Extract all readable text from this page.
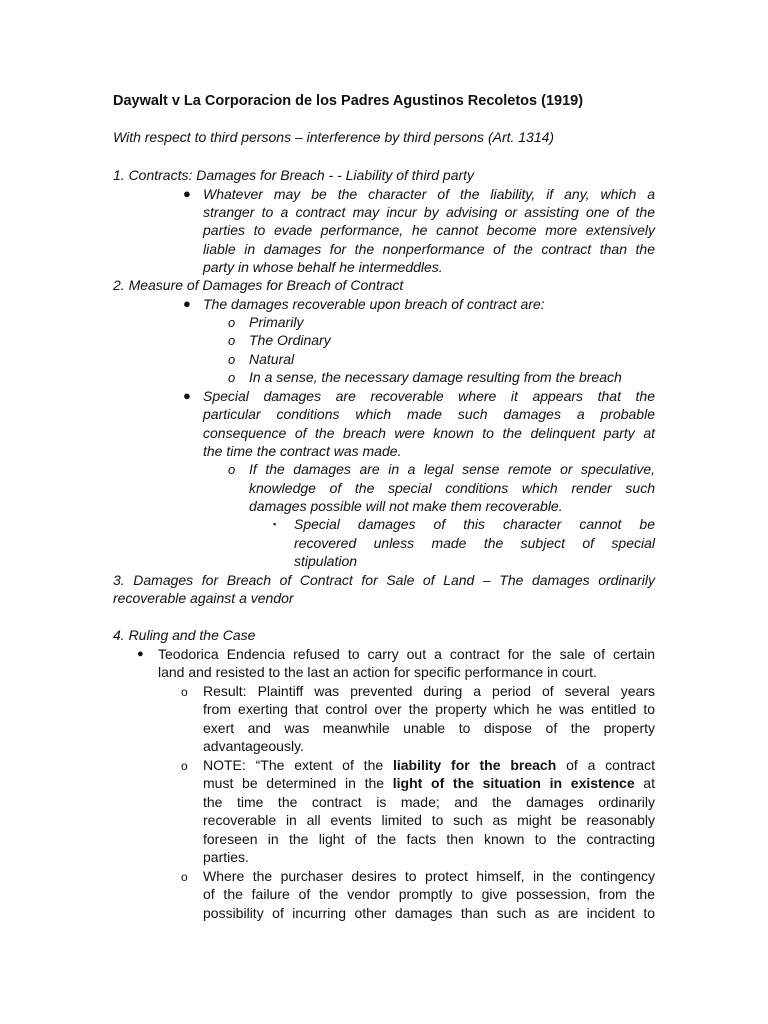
Daywalt v La Corporacion de los Padres Agustinos Recoletos (1919)
With respect to third persons – interference by third persons (Art. 1314)
1. Contracts: Damages for Breach - - Liability of third party
● Whatever may be the character of the liability, if any, which a
stranger to a contract may incur by advising or assisting one of the
parties to evade performance, he cannot become more extensively
liable in damages for the nonperformance of the contract than the
party in whose behalf he intermeddles.
2. Measure of Damages for Breach of Contract
● The damages recoverable upon breach of contract are:
o Primarily
o The Ordinary
o Natural
o In a sense, the necessary damage resulting from the breach
● Special damages are recoverable where it appears that the
particular conditions which made such damages a probable
consequence of the breach were known to the delinquent party at
the time the contract was made.
o If the damages are in a legal sense remote or speculative,
knowledge of the special conditions which render such
damages possible will not make them recoverable.
▪ Special damages of this character cannot be
recovered unless made the subject of special
stipulation
3. Damages for Breach of Contract for Sale of Land – The damages ordinarily
recoverable against a vendor
4. Ruling and the Case
● Teodorica Endencia refused to carry out a contract for the sale of certain
land and resisted to the last an action for specific performance in court.
o Result: Plaintiff was prevented during a period of several years
from exerting that control over the property which he was entitled to
exert and was meanwhile unable to dispose of the property
advantageously.
o NOTE: “The extent of the liability for the breach of a contract
must be determined in the light of the situation in existence at
the time the contract is made; and the damages ordinarily
recoverable in all events limited to such as might be reasonably
foreseen in the light of the facts then known to the contracting
parties.
o Where the purchaser desires to protect himself, in the contingency
of the failure of the vendor promptly to give possession, from the
possibility of incurring other damages than such as are incident to
